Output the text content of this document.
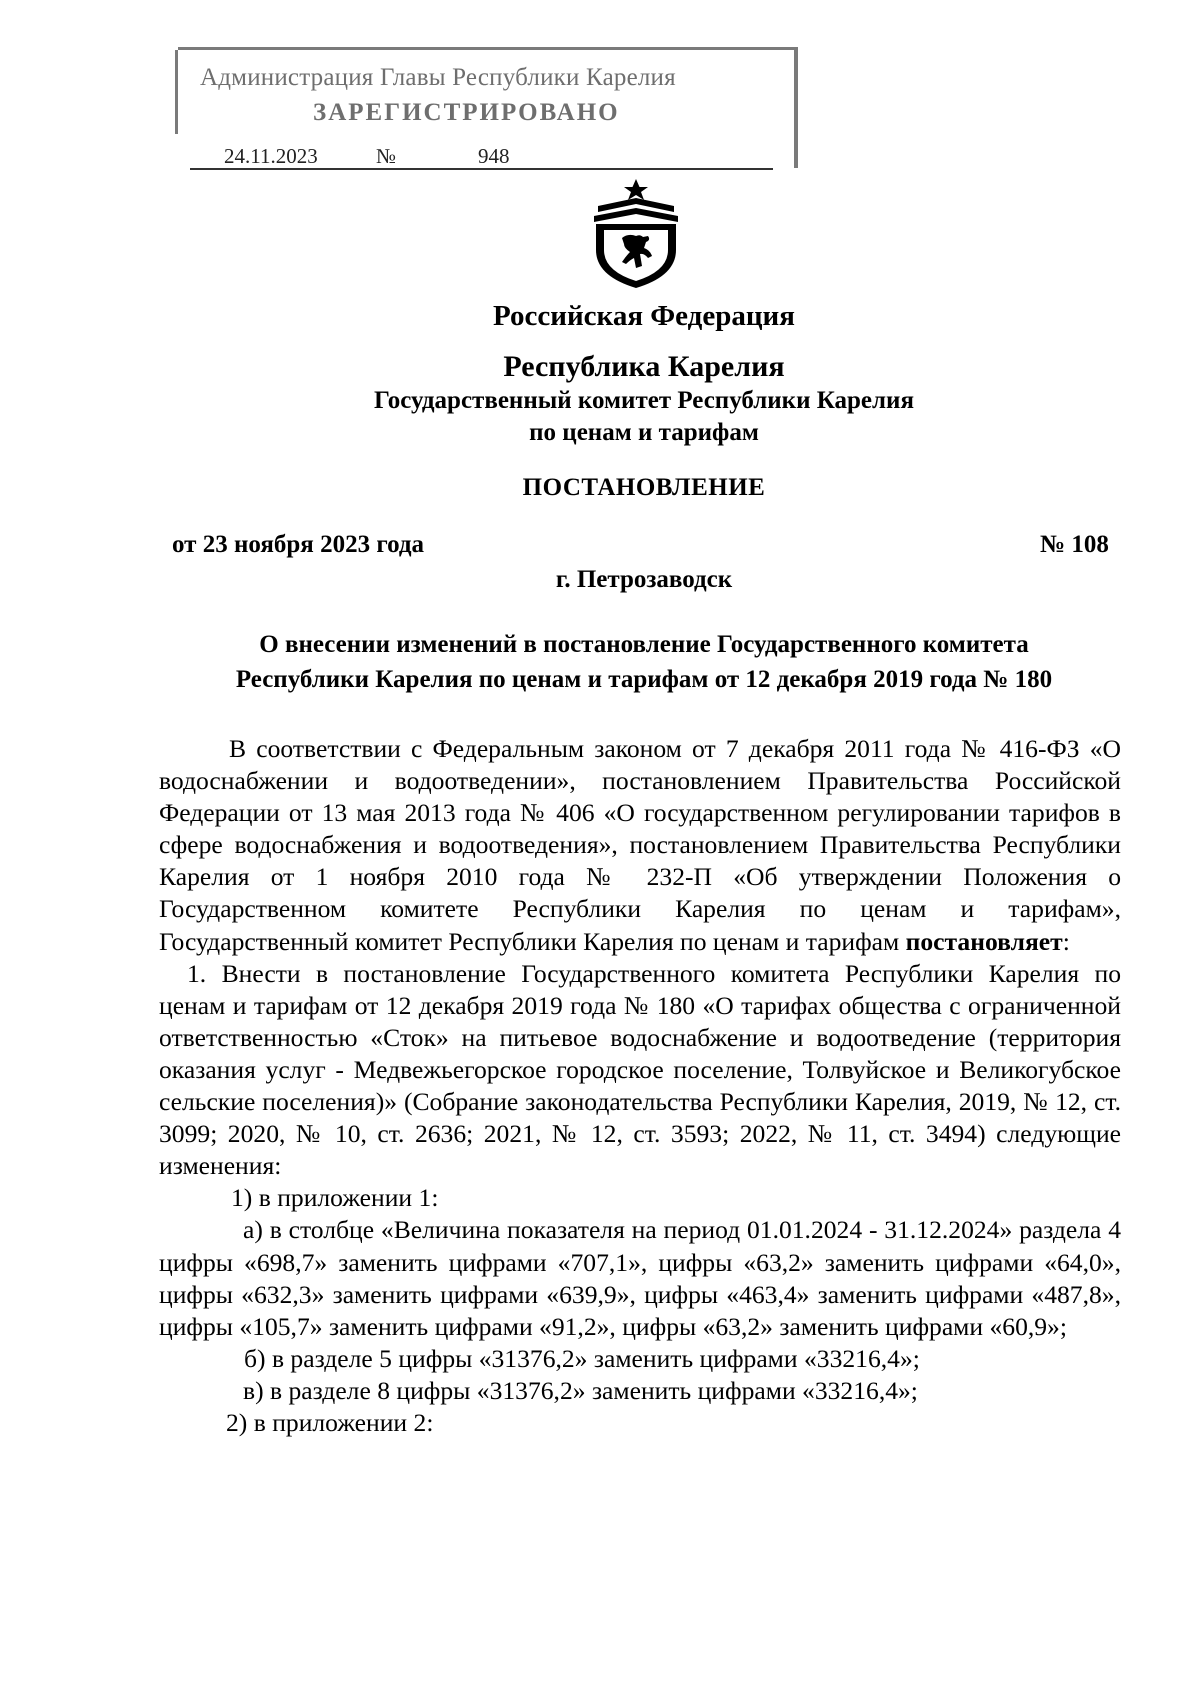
Администрация Главы Республики Карелия
ЗАРЕГИСТРИРОВАНО
24.11.2023	№	948
Российская Федерация
Республика Карелия
Государственный комитет Республики Карелия
по ценам и тарифам
ПОСТАНОВЛЕНИЕ
от 23 ноября 2023 года	№ 108
г. Петрозаводск
О внесении изменений в постановление Государственного комитета
Республики Карелия по ценам и тарифам от 12 декабря 2019 года № 180

В соответствии с Федеральным законом от 7 декабря 2011 года № 416-ФЗ «О водоснабжении и водоотведении», постановлением Правительства Российской Федерации от 13 мая 2013 года № 406 «О государственном регулировании тарифов в сфере водоснабжения и водоотведения», постановлением Правительства Республики Карелия от 1 ноября 2010 года № 232-П «Об утверждении Положения о Государственном комитете Республики Карелия по ценам и тарифам», Государственный комитет Республики Карелия по ценам и тарифам постановляет:

1. Внести в постановление Государственного комитета Республики Карелия по ценам и тарифам от 12 декабря 2019 года № 180 «О тарифах общества с ограниченной ответственностью «Сток» на питьевое водоснабжение и водоотведение (территория оказания услуг - Медвежьегорское городское поселение, Толвуйское и Великогубское сельские поселения)» (Собрание законодательства Республики Карелия, 2019, № 12, ст. 3099; 2020, № 10, ст. 2636; 2021, № 12, ст. 3593; 2022, № 11, ст. 3494) следующие изменения:

1) в приложении 1:

а) в столбце «Величина показателя на период 01.01.2024 - 31.12.2024» раздела 4 цифры «698,7» заменить цифрами «707,1», цифры «63,2» заменить цифрами «64,0», цифры «632,3» заменить цифрами «639,9», цифры «463,4» заменить цифрами «487,8», цифры «105,7» заменить цифрами «91,2», цифры «63,2» заменить цифрами «60,9»;

б) в разделе 5 цифры «31376,2» заменить цифрами «33216,4»;

в) в разделе 8 цифры «31376,2» заменить цифрами «33216,4»;

2) в приложении 2:
